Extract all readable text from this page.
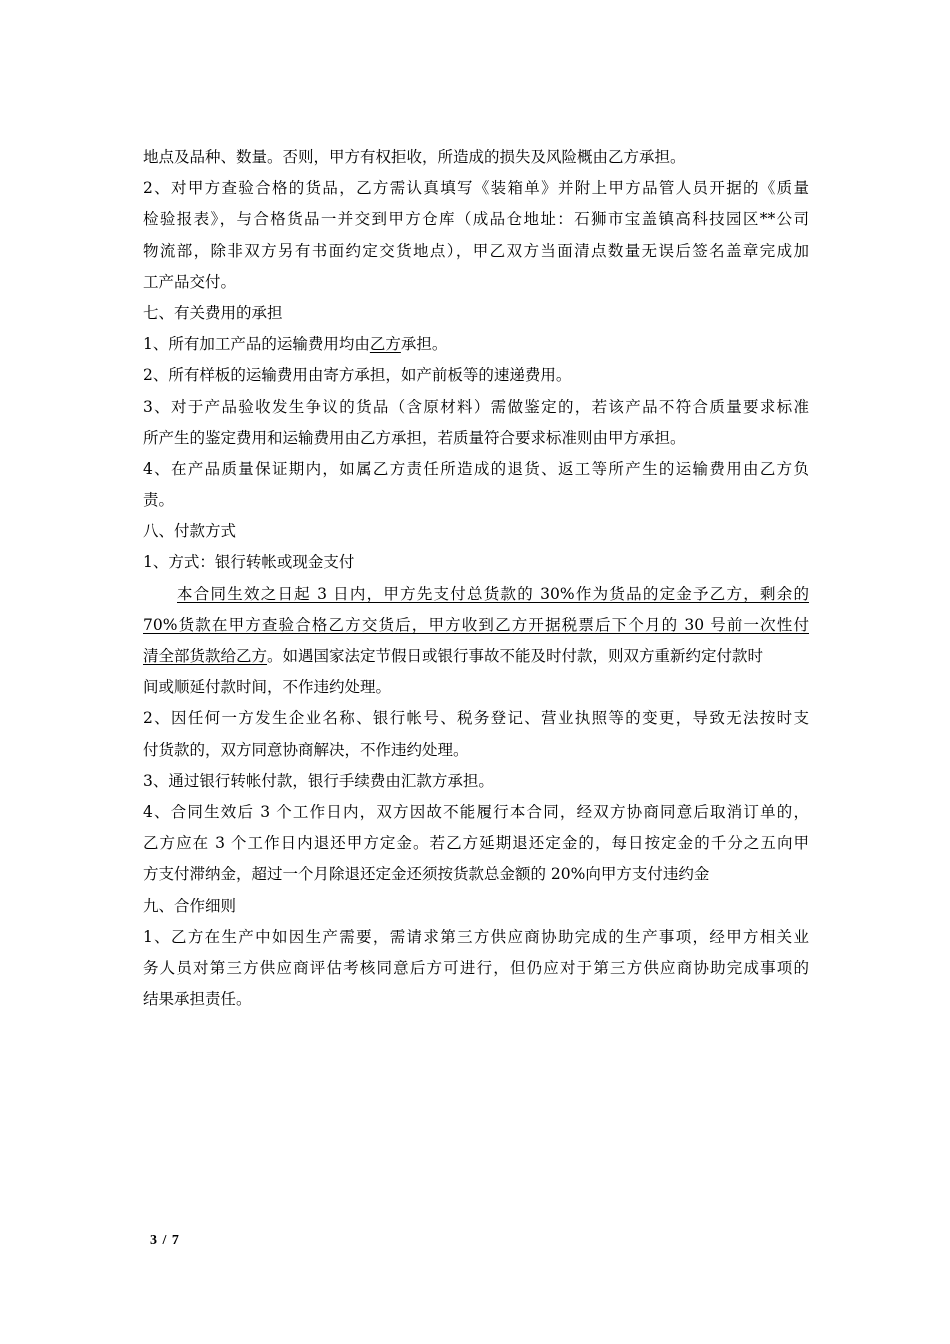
地点及品种、数量。否则，甲方有权拒收，所造成的损失及风险概由乙方承担。
2、对甲方查验合格的货品，乙方需认真填写《装箱单》并附上甲方品管人员开据的《质量
检验报表》，与合格货品一并交到甲方仓库（成品仓地址：石狮市宝盖镇高科技园区**公司
物流部，除非双方另有书面约定交货地点），甲乙双方当面清点数量无误后签名盖章完成加
工产品交付。
七、有关费用的承担
1、所有加工产品的运输费用均由乙方承担。
2、所有样板的运输费用由寄方承担，如产前板等的速递费用。
3、对于产品验收发生争议的货品（含原材料）需做鉴定的，若该产品不符合质量要求标准
所产生的鉴定费用和运输费用由乙方承担，若质量符合要求标准则由甲方承担。
4、在产品质量保证期内，如属乙方责任所造成的退货、返工等所产生的运输费用由乙方负
责。
八、付款方式
1、方式：银行转帐或现金支付
本合同生效之日起 3 日内，甲方先支付总货款的 30%作为货品的定金予乙方，剩余的
70%货款在甲方查验合格乙方交货后，甲方收到乙方开据税票后下个月的 30 号前一次性付
清全部货款给乙方。如遇国家法定节假日或银行事故不能及时付款，则双方重新约定付款时
间或顺延付款时间，不作违约处理。
2、因任何一方发生企业名称、银行帐号、税务登记、营业执照等的变更，导致无法按时支
付货款的，双方同意协商解决，不作违约处理。
3、通过银行转帐付款，银行手续费由汇款方承担。
4、合同生效后 3 个工作日内，双方因故不能履行本合同，经双方协商同意后取消订单的，
乙方应在 3 个工作日内退还甲方定金。若乙方延期退还定金的，每日按定金的千分之五向甲
方支付滞纳金，超过一个月除退还定金还须按货款总金额的 20%向甲方支付违约金
九、合作细则
1、乙方在生产中如因生产需要，需请求第三方供应商协助完成的生产事项，经甲方相关业
务人员对第三方供应商评估考核同意后方可进行，但仍应对于第三方供应商协助完成事项的
结果承担责任。
3 / 7
